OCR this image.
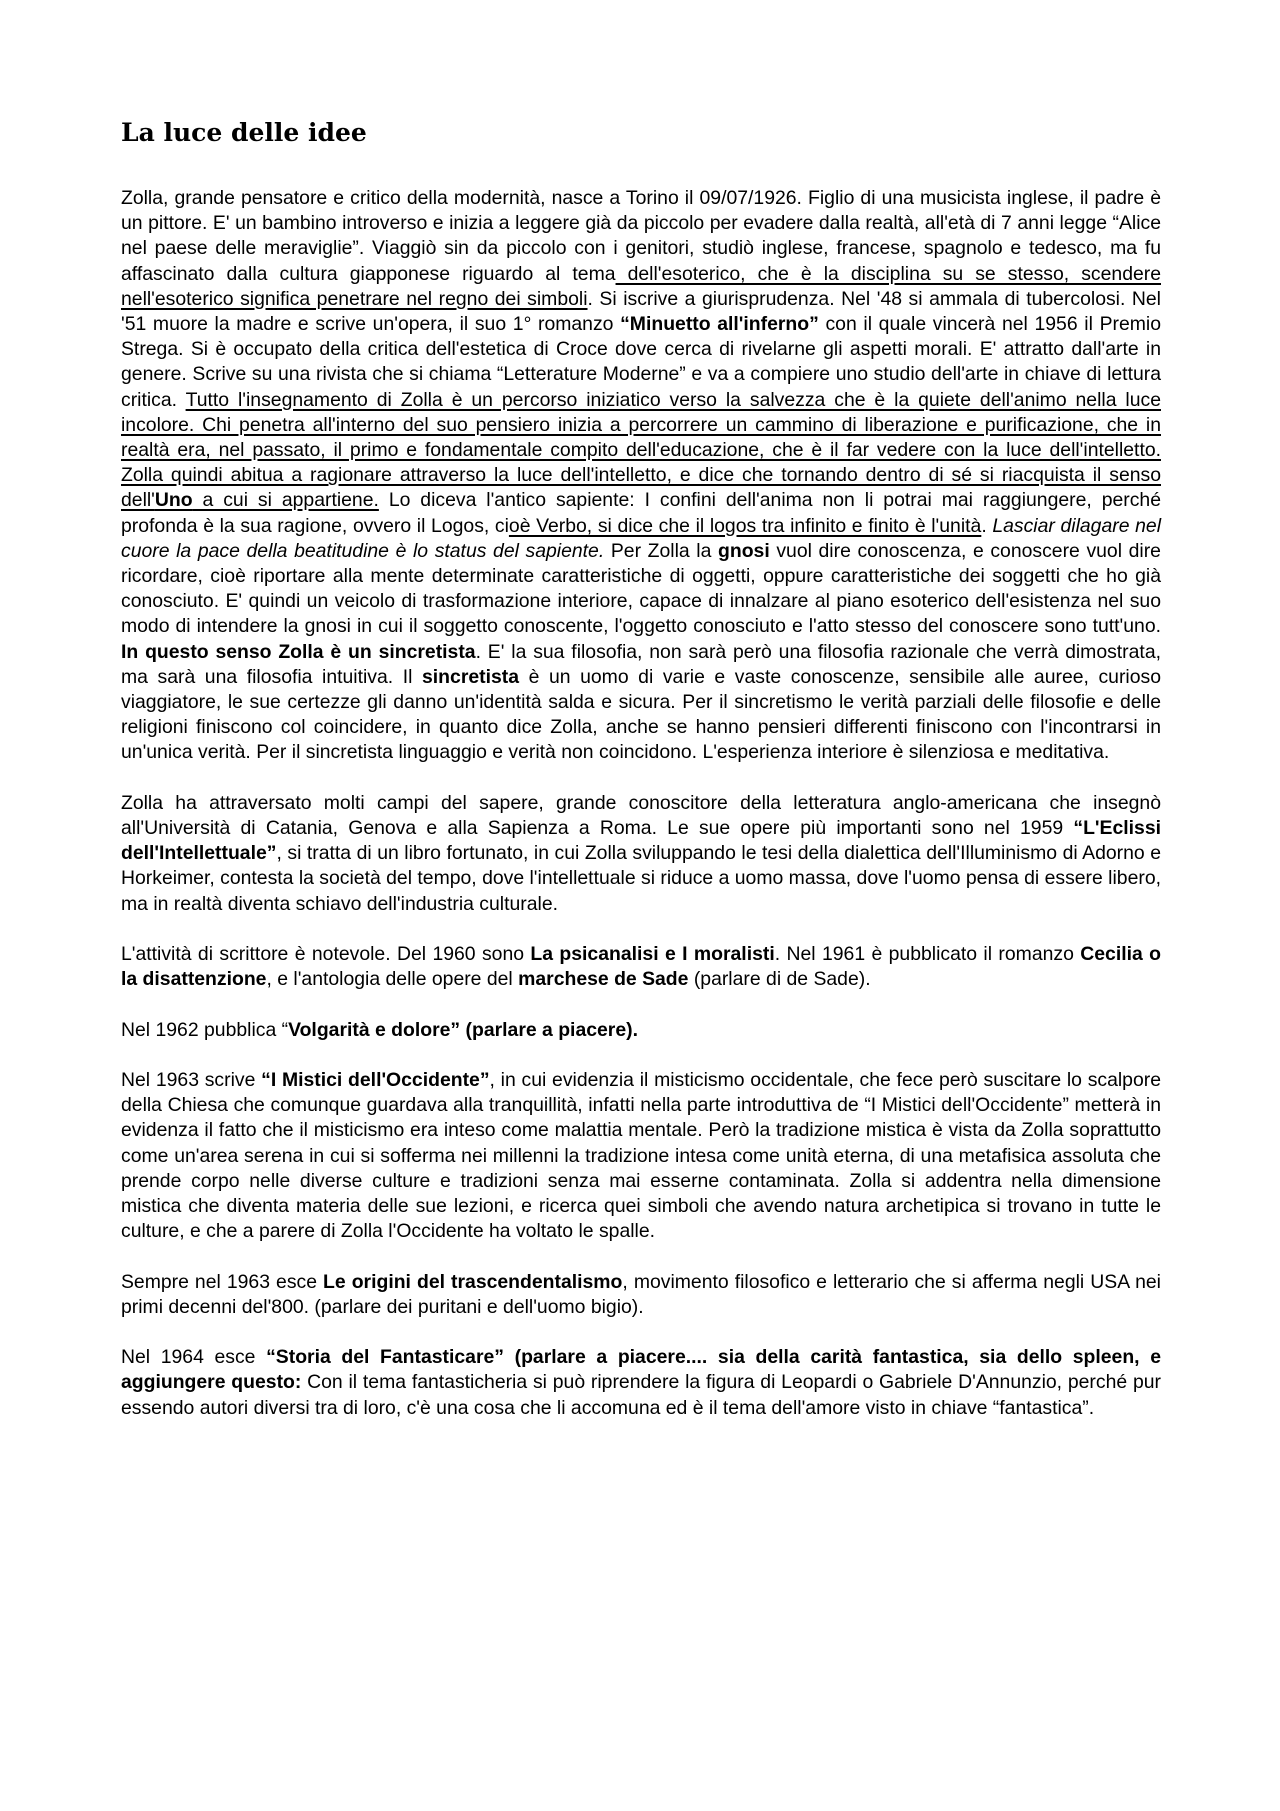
La luce delle idee

Zolla, grande pensatore e critico della modernità, nasce a Torino il 09/07/1926. Figlio di una musicista inglese, il padre è un pittore. E' un bambino introverso e inizia a leggere già da piccolo per evadere dalla realtà, all'età di 7 anni legge “Alice nel paese delle meraviglie”. Viaggiò sin da piccolo con i genitori, studiò inglese, francese, spagnolo e tedesco, ma fu affascinato dalla cultura giapponese riguardo al tema dell'esoterico, che è la disciplina su se stesso, scendere nell'esoterico significa penetrare nel regno dei simboli. Si iscrive a giurisprudenza. Nel '48 si ammala di tubercolosi. Nel '51 muore la madre e scrive un'opera, il suo 1° romanzo “Minuetto all'inferno” con il quale vincerà nel 1956 il Premio Strega. Si è occupato della critica dell'estetica di Croce dove cerca di rivelarne gli aspetti morali. E' attratto dall'arte in genere. Scrive su una rivista che si chiama “Letterature Moderne” e va a compiere uno studio dell'arte in chiave di lettura critica. Tutto l'insegnamento di Zolla è un percorso iniziatico verso la salvezza che è la quiete dell'animo nella luce incolore. Chi penetra all'interno del suo pensiero inizia a percorrere un cammino di liberazione e purificazione, che in realtà era, nel passato, il primo e fondamentale compito dell'educazione, che è il far vedere con la luce dell'intelletto. Zolla quindi abitua a ragionare attraverso la luce dell'intelletto, e dice che tornando dentro di sé si riacquista il senso dell'Uno a cui si appartiene. Lo diceva l'antico sapiente: I confini dell'anima non li potrai mai raggiungere, perché profonda è la sua ragione, ovvero il Logos, cioè Verbo, si dice che il logos tra infinito e finito è l'unità. Lasciar dilagare nel cuore la pace della beatitudine è lo status del sapiente. Per Zolla la gnosi vuol dire conoscenza, e conoscere vuol dire ricordare, cioè riportare alla mente determinate caratteristiche di oggetti, oppure caratteristiche dei soggetti che ho già conosciuto. E' quindi un veicolo di trasformazione interiore, capace di innalzare al piano esoterico dell'esistenza nel suo modo di intendere la gnosi in cui il soggetto conoscente, l'oggetto conosciuto e l'atto stesso del conoscere sono tutt'uno. In questo senso Zolla è un sincretista. E' la sua filosofia, non sarà però una filosofia razionale che verrà dimostrata, ma sarà una filosofia intuitiva. Il sincretista è un uomo di varie e vaste conoscenze, sensibile alle auree, curioso viaggiatore, le sue certezze gli danno un'identità salda e sicura. Per il sincretismo le verità parziali delle filosofie e delle religioni finiscono col coincidere, in quanto dice Zolla, anche se hanno pensieri differenti finiscono con l'incontrarsi in un'unica verità. Per il sincretista linguaggio e verità non coincidono. L'esperienza interiore è silenziosa e meditativa.

Zolla ha attraversato molti campi del sapere, grande conoscitore della letteratura anglo-americana che insegnò all'Università di Catania, Genova e alla Sapienza a Roma. Le sue opere più importanti sono nel 1959 “L'Eclissi dell'Intellettuale”, si tratta di un libro fortunato, in cui Zolla sviluppando le tesi della dialettica dell'Illuminismo di Adorno e Horkeimer, contesta la società del tempo, dove l'intellettuale si riduce a uomo massa, dove l'uomo pensa di essere libero, ma in realtà diventa schiavo dell'industria culturale.

L'attività di scrittore è notevole. Del 1960 sono La psicanalisi e I moralisti. Nel 1961 è pubblicato il romanzo Cecilia o la disattenzione, e l'antologia delle opere del marchese de Sade (parlare di de Sade).

Nel 1962 pubblica “Volgarità e dolore” (parlare a piacere).

Nel 1963 scrive “I Mistici dell'Occidente”, in cui evidenzia il misticismo occidentale, che fece però suscitare lo scalpore della Chiesa che comunque guardava alla tranquillità, infatti nella parte introduttiva de “I Mistici dell'Occidente” metterà in evidenza il fatto che il misticismo era inteso come malattia mentale. Però la tradizione mistica è vista da Zolla soprattutto come un'area serena in cui si sofferma nei millenni la tradizione intesa come unità eterna, di una metafisica assoluta che prende corpo nelle diverse culture e tradizioni senza mai esserne contaminata. Zolla si addentra nella dimensione mistica che diventa materia delle sue lezioni, e ricerca quei simboli che avendo natura archetipica si trovano in tutte le culture, e che a parere di Zolla l'Occidente ha voltato le spalle.

Sempre nel 1963 esce Le origini del trascendentalismo, movimento filosofico e letterario che si afferma negli USA nei primi decenni del'800. (parlare dei puritani e dell'uomo bigio).

Nel 1964 esce “Storia del Fantasticare” (parlare a piacere.... sia della carità fantastica, sia dello spleen, e aggiungere questo: Con il tema fantasticheria si può riprendere la figura di Leopardi o Gabriele D'Annunzio, perché pur essendo autori diversi tra di loro, c'è una cosa che li accomuna ed è il tema dell'amore visto in chiave “fantastica”.
